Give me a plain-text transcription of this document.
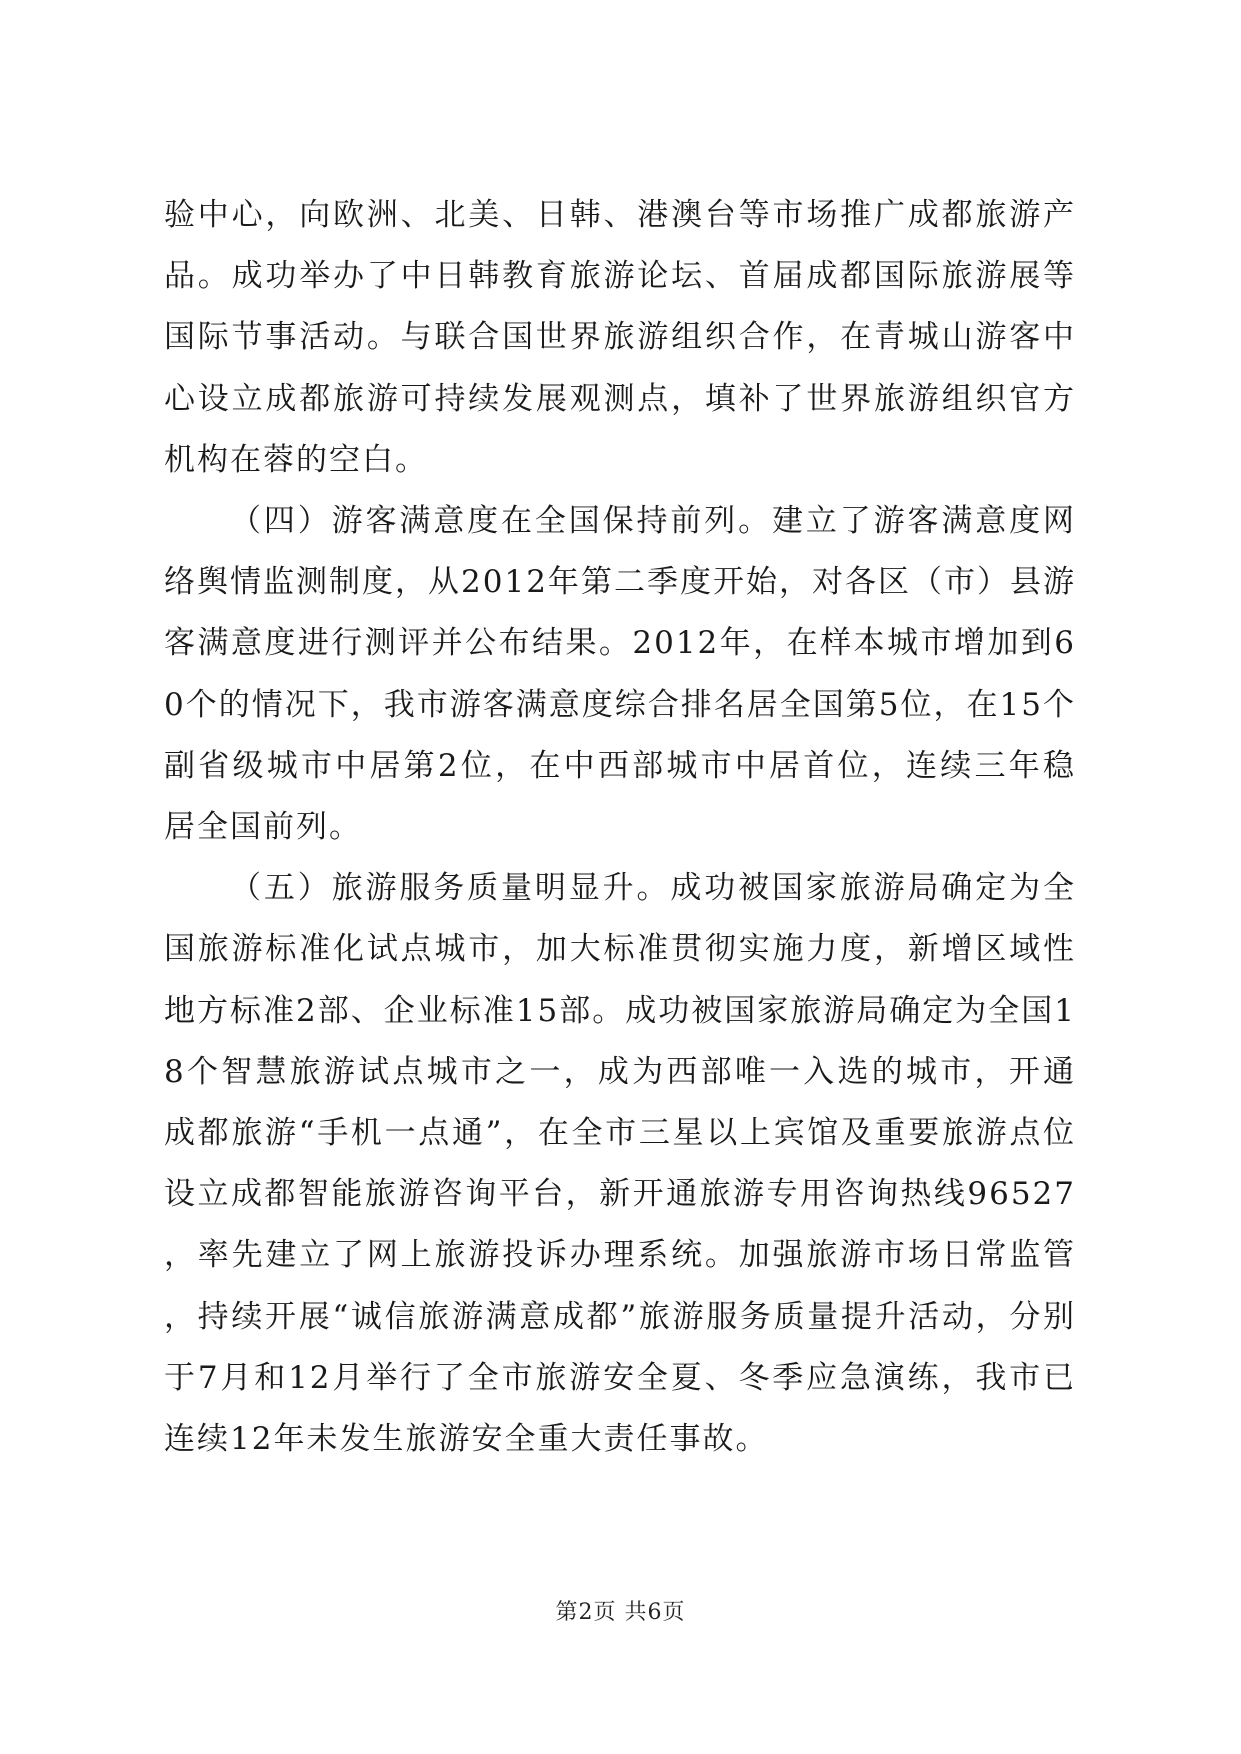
验中心，向欧洲、北美、日韩、港澳台等市场推广成都旅游产品。成功举办了中日韩教育旅游论坛、首届成都国际旅游展等国际节事活动。与联合国世界旅游组织合作，在青城山游客中心设立成都旅游可持续发展观测点，填补了世界旅游组织官方机构在蓉的空白。

（四）游客满意度在全国保持前列。建立了游客满意度网络舆情监测制度，从2012年第二季度开始，对各区（市）县游客满意度进行测评并公布结果。2012年，在样本城市增加到60个的情况下，我市游客满意度综合排名居全国第5位，在15个副省级城市中居第2位，在中西部城市中居首位，连续三年稳居全国前列。

（五）旅游服务质量明显升。成功被国家旅游局确定为全国旅游标准化试点城市，加大标准贯彻实施力度，新增区域性地方标准2部、企业标准15部。成功被国家旅游局确定为全国18个智慧旅游试点城市之一，成为西部唯一入选的城市，开通成都旅游“手机一点通”，在全市三星以上宾馆及重要旅游点位设立成都智能旅游咨询平台，新开通旅游专用咨询热线96527，率先建立了网上旅游投诉办理系统。加强旅游市场日常监管，持续开展“诚信旅游满意成都”旅游服务质量提升活动，分别于7月和12月举行了全市旅游安全夏、冬季应急演练，我市已连续12年未发生旅游安全重大责任事故。

第2页 共6页
